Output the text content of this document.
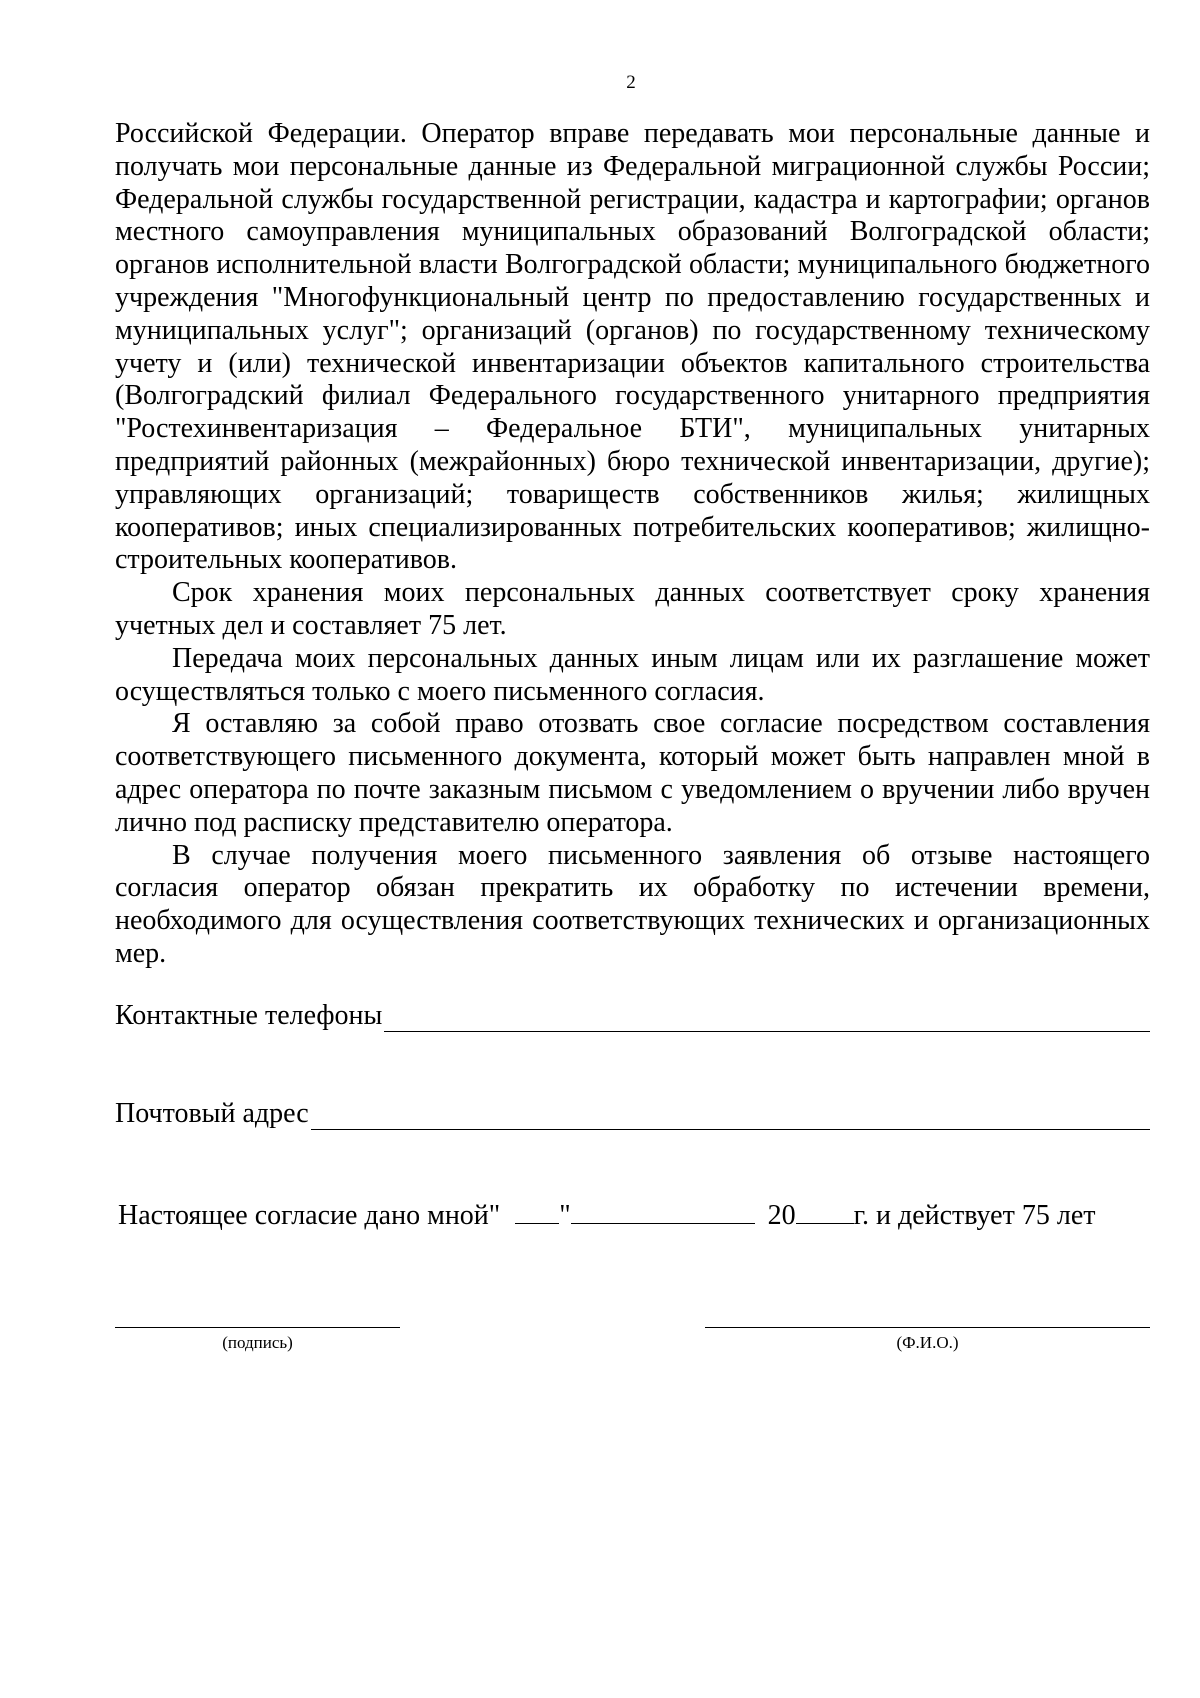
2

Российской Федерации. Оператор вправе передавать мои персональные данные и получать мои персональные данные из Федеральной миграционной службы России; Федеральной службы государственной регистрации, кадастра и картографии; органов местного самоуправления муниципальных образований Волгоградской области; органов исполнительной власти Волгоградской области; муниципального бюджетного учреждения "Многофункциональный центр по предоставлению государственных и муниципальных услуг"; организаций (органов) по государственному техническому учету и (или) технической инвентаризации объектов капитального строительства (Волгоградский филиал Федерального государственного унитарного предприятия "Ростехинвентаризация – Федеральное БТИ", муниципальных унитарных предприятий районных (межрайонных) бюро технической инвентаризации, другие); управляющих организаций; товариществ собственников жилья; жилищных кооперативов; иных специализированных потребительских кооперативов; жилищно-строительных кооперативов.

Срок хранения моих персональных данных соответствует сроку хранения учетных дел и составляет 75 лет.

Передача моих персональных данных иным лицам или их разглашение может осуществляться только с моего письменного согласия.

Я оставляю за собой право отозвать свое согласие посредством составления соответствующего письменного документа, который может быть направлен мной в адрес оператора по почте заказным письмом с уведомлением о вручении либо вручен лично под расписку представителю оператора.

В случае получения моего письменного заявления об отзыве настоящего согласия оператор обязан прекратить их обработку по истечении времени, необходимого для осуществления соответствующих технических и организационных мер.

Контактные телефоны
Почтовый адрес
Настоящее согласие дано мной" "	20 г. и действует 75 лет
(подпись)	(Ф.И.О.)
